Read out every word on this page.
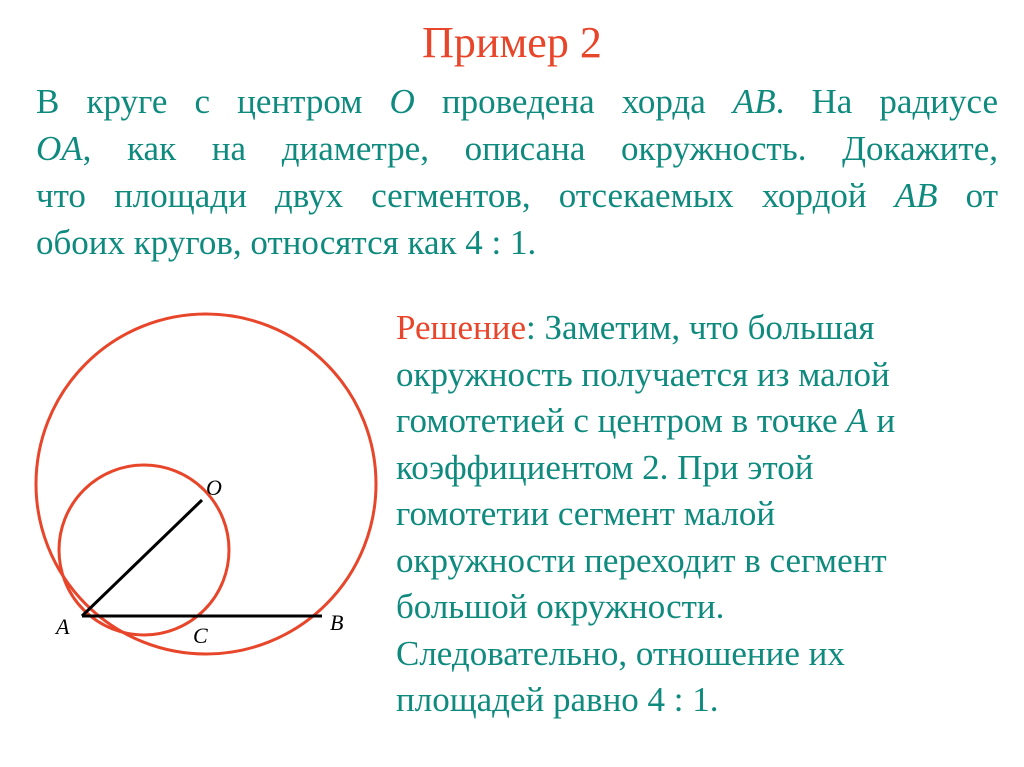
Пример 2
В круге с центром O проведена хорда AB. На радиусе
OA, как на диаметре, описана окружность. Докажите,
что площади двух сегментов, отсекаемых хордой AB от
обоих кругов, относятся как 4 : 1.
Решение: Заметим, что большая
окружность получается из малой
гомотетией с центром в точке A и
коэффициентом 2. При этой
гомотетии сегмент малой
окружности переходит в сегмент
большой окружности.
Следовательно, отношение их
площадей равно 4 : 1.
O
A	B
C
